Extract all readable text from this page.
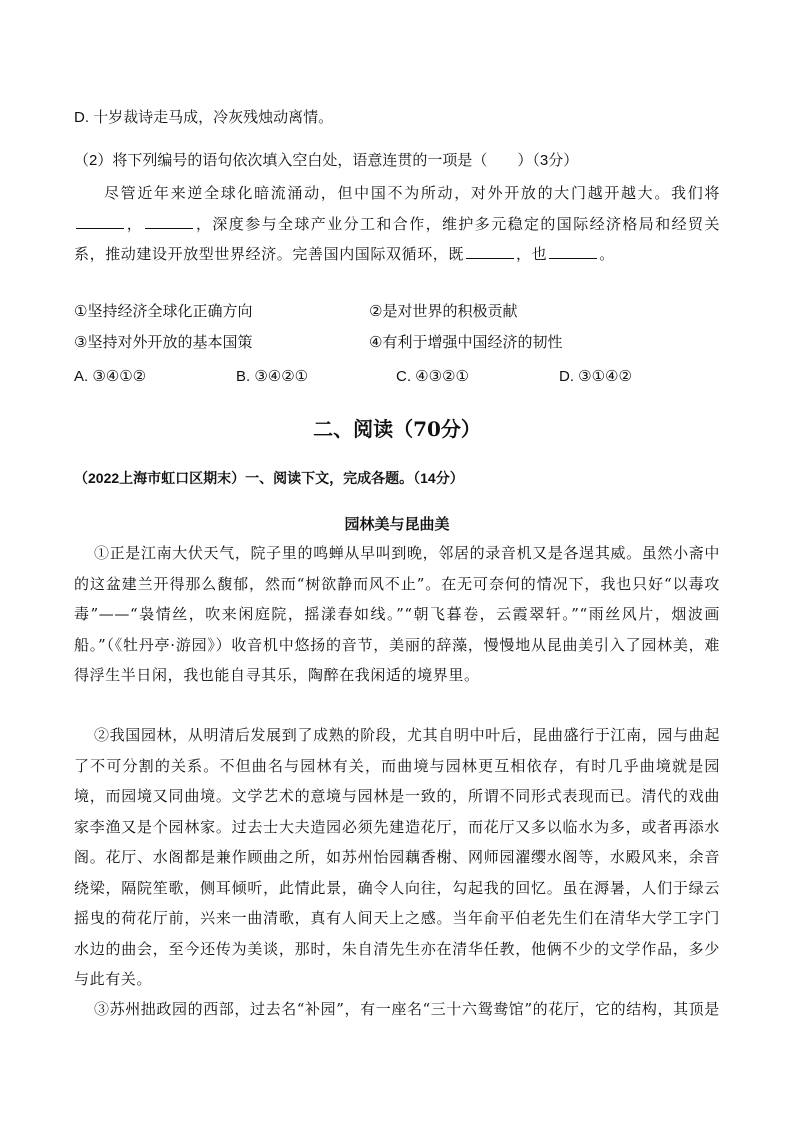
D. 十岁裁诗走马成，冷灰残烛动离情。
（2）将下列编号的语句依次填入空白处，语意连贯的一项是（　　）（3分）
尽管近年来逆全球化暗流涌动，但中国不为所动，对外开放的大门越开越大。我们将，	，深度参与全球产业分工和合作，维护多元稳定的国际经济格局和经贸关系，推动建设开放型世界经济。完善国内国际双循环，既	，也	。
①坚持经济全球化正确方向	②是对世界的积极贡献
③坚持对外开放的基本国策	④有利于增强中国经济的韧性
A. ③④①②	B. ③④②①	C. ④③②①	D. ③①④②
二、阅读（70分）
（2022上海市虹口区期末）一、阅读下文，完成各题。（14分）
园林美与昆曲美
①正是江南大伏天气，院子里的鸣蝉从早叫到晚，邻居的录音机又是各逞其威。虽然小斋中的这盆建兰开得那么馥郁，然而“树欲静而风不止”。在无可奈何的情况下，我也只好“以毒攻毒”——“袅情丝，吹来闲庭院，摇漾春如线。”“朝飞暮卷，云霞翠轩。”“雨丝风片，烟波画船。”（《牡丹亭·游园》）收音机中悠扬的音节，美丽的辞藻，慢慢地从昆曲美引入了园林美，难得浮生半日闲，我也能自寻其乐，陶醉在我闲适的境界里。
②我国园林，从明清后发展到了成熟的阶段，尤其自明中叶后，昆曲盛行于江南，园与曲起了不可分割的关系。不但曲名与园林有关，而曲境与园林更互相依存，有时几乎曲境就是园境，而园境又同曲境。文学艺术的意境与园林是一致的，所谓不同形式表现而已。清代的戏曲家李渔又是个园林家。过去士大夫造园必须先建造花厅，而花厅又多以临水为多，或者再添水阁。花厅、水阁都是兼作顾曲之所，如苏州怡园藕香榭、网师园濯缨水阁等，水殿风来，余音绕梁，隔院笙歌，侧耳倾听，此情此景，确令人向往，勾起我的回忆。虽在溽暑，人们于绿云摇曳的荷花厅前，兴来一曲清歌，真有人间天上之感。当年俞平伯老先生们在清华大学工字门水边的曲会，至今还传为美谈，那时，朱自清先生亦在清华任教，他俩不少的文学作品，多少与此有关。
③苏州拙政园的西部，过去名“补园”，有一座名“三十六鸳鸯馆”的花厅，它的结构，其顶是
